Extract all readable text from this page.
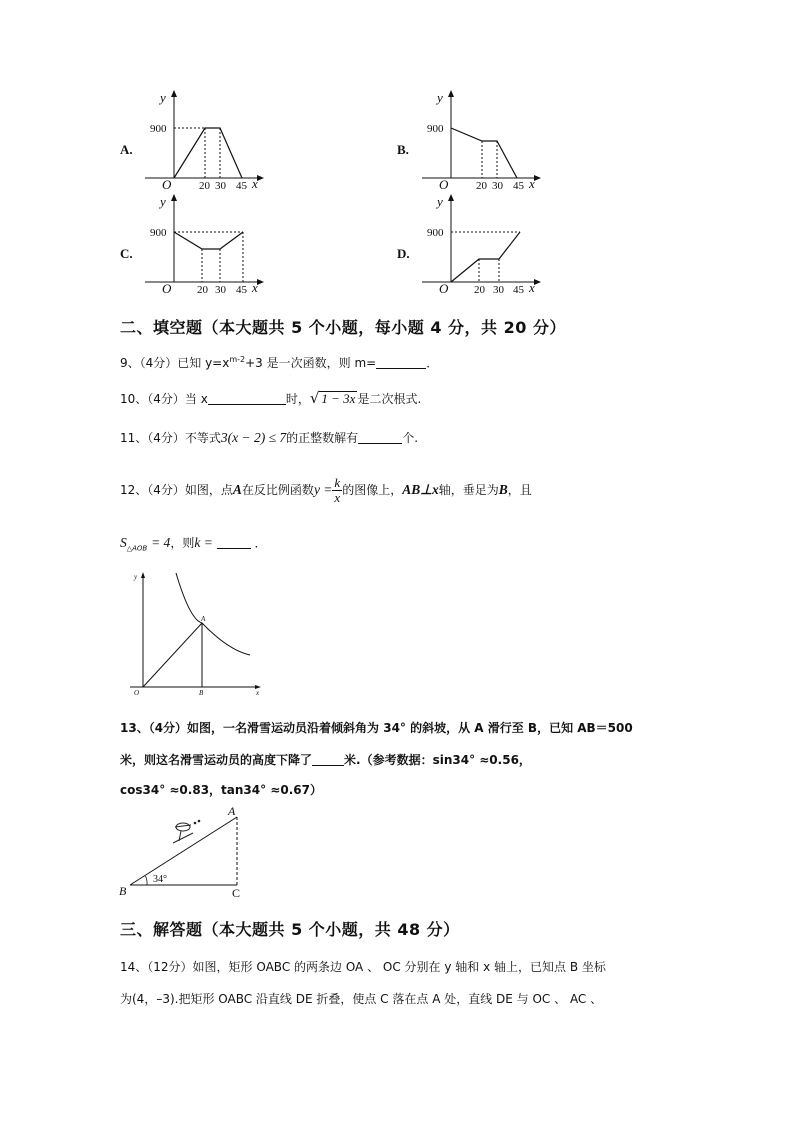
A.
y
x
O
900
20 30 45
B.
y
x
O
900
20 30 45
C.
y
x
O
900
20 30 45
D.
y
x
O
900
20 30 45
二、填空题（本大题共 5 个小题，每小题 4 分，共 20 分）
9、（4分）已知 $y=x^{m-2}+3$ 是一次函数，则 m=	．
10、（4分）当 x	时，√ 1 − 3x 是二次根式.
11、（4分）不等式3(x − 2) ≤ 7的正整数解有	个.
12、（4分）如图，点A在反比例函数$y = \frac{k}{x}$ 的图像上，AB⊥x轴，垂足为B，且
$S_{\triangle AOB} = 4$，则k =	．
y
x
O
A
B
13、（4分）如图，一名滑雪运动员沿着倾斜角为 34° 的斜坡，从 A 滑行至 B，已知 AB＝500
米，则这名滑雪运动员的高度下降了	米.（参考数据：sin34° ≈0.56，
cos34° ≈0.83，tan34° ≈0.67）
B
A
C
34°
三、解答题（本大题共 5 个小题，共 48 分）
14、（12分）如图，矩形 OABC 的两条边 OA 、 OC 分别在 y 轴和 x 轴上，已知点 B 坐标
为(4，–3).把矩形 OABC 沿直线 DE 折叠，使点 C 落在点 A 处，直线 DE 与 OC 、 AC 、
